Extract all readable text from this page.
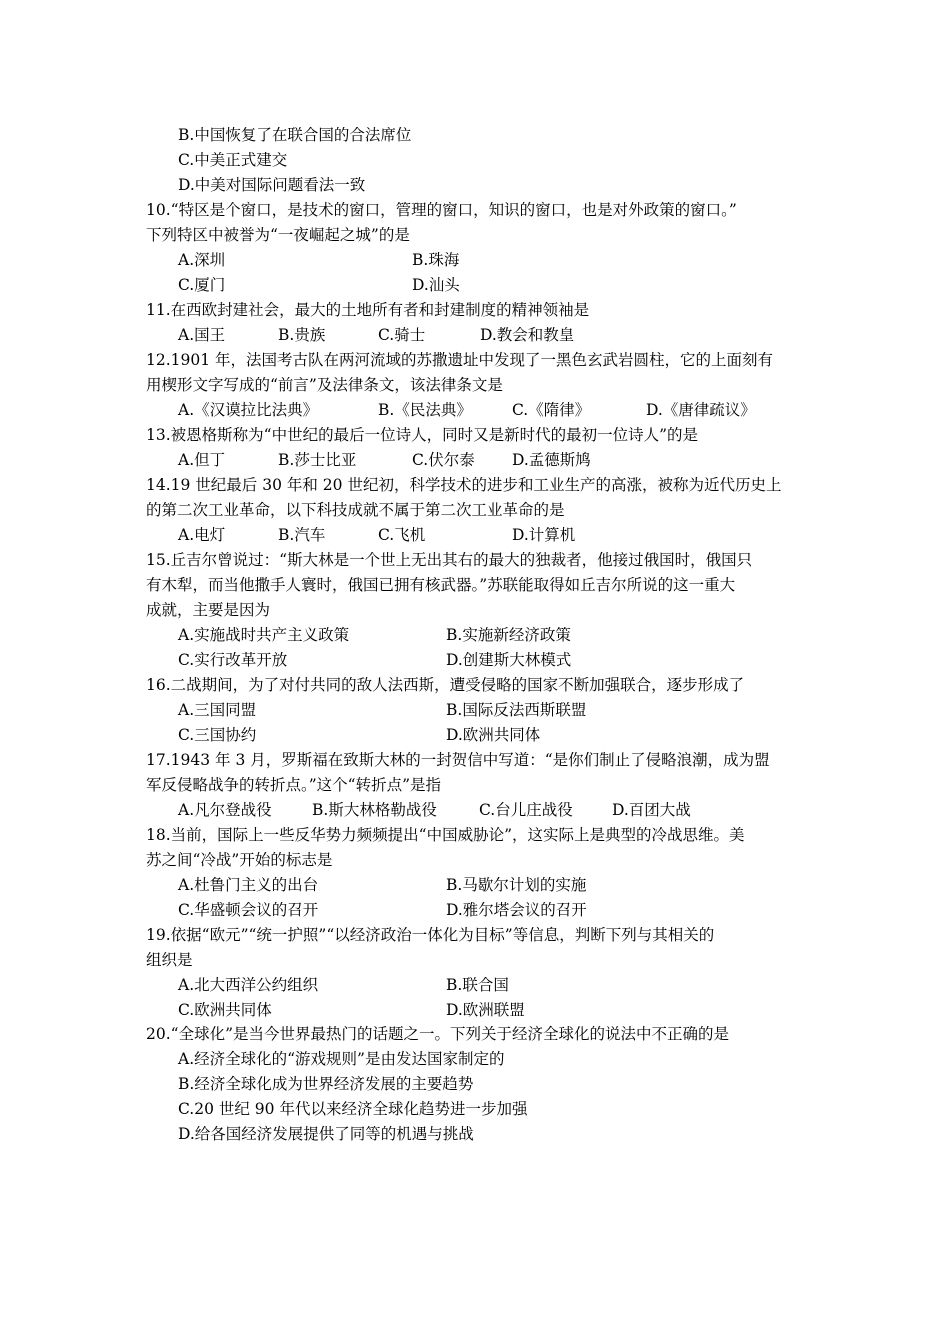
B.中国恢复了在联合国的合法席位
C.中美正式建交
D.中美对国际问题看法一致
10.“特区是个窗口，是技术的窗口，管理的窗口，知识的窗口，也是对外政策的窗口。”
下列特区中被誉为“一夜崛起之城”的是
A.深圳	B.珠海
C.厦门	D.汕头
11.在西欧封建社会，最大的土地所有者和封建制度的精神领袖是
A.国王	B.贵族	C.骑士	D.教会和教皇
12.1901 年，法国考古队在两河流域的苏撒遗址中发现了一黑色玄武岩圆柱，它的上面刻有
用楔形文字写成的“前言”及法律条文，该法律条文是
A.《汉谟拉比法典》	B.《民法典》	C.《隋律》	D.《唐律疏议》
13.被恩格斯称为“中世纪的最后一位诗人，同时又是新时代的最初一位诗人”的是
A.但丁	B.莎士比亚	C.伏尔泰 D.孟德斯鸠
14.19 世纪最后 30 年和 20 世纪初，科学技术的进步和工业生产的高涨，被称为近代历史上
的第二次工业革命，以下科技成就不属于第二次工业革命的是
A.电灯	B.汽车	C.飞机	D.计算机
15.丘吉尔曾说过：“斯大林是一个世上无出其右的最大的独裁者，他接过俄国时，俄国只
有木犁，而当他撒手人寰时，俄国已拥有核武器。”苏联能取得如丘吉尔所说的这一重大
成就，主要是因为
A.实施战时共产主义政策	B.实施新经济政策
C.实行改革开放	D.创建斯大林模式
16.二战期间，为了对付共同的敌人法西斯，遭受侵略的国家不断加强联合，逐步形成了
A.三国同盟	B.国际反法西斯联盟
C.三国协约	D.欧洲共同体
17.1943 年 3 月，罗斯福在致斯大林的一封贺信中写道：“是你们制止了侵略浪潮，成为盟
军反侵略战争的转折点。”这个“转折点”是指
A.凡尔登战役	B.斯大林格勒战役	C.台儿庄战役	D.百团大战
18.当前，国际上一些反华势力频频提出“中国威胁论”，这实际上是典型的冷战思维。美
苏之间“冷战”开始的标志是
A.杜鲁门主义的出台	B.马歇尔计划的实施
C.华盛顿会议的召开	D.雅尔塔会议的召开
19.依据“欧元”“统一护照”“以经济政治一体化为目标”等信息，判断下列与其相关的
组织是
A.北大西洋公约组织	B.联合国
C.欧洲共同体	D.欧洲联盟
20.“全球化”是当今世界最热门的话题之一。下列关于经济全球化的说法中不正确的是
A.经济全球化的“游戏规则”是由发达国家制定的
B.经济全球化成为世界经济发展的主要趋势
C.20 世纪 90 年代以来经济全球化趋势进一步加强
D.给各国经济发展提供了同等的机遇与挑战
